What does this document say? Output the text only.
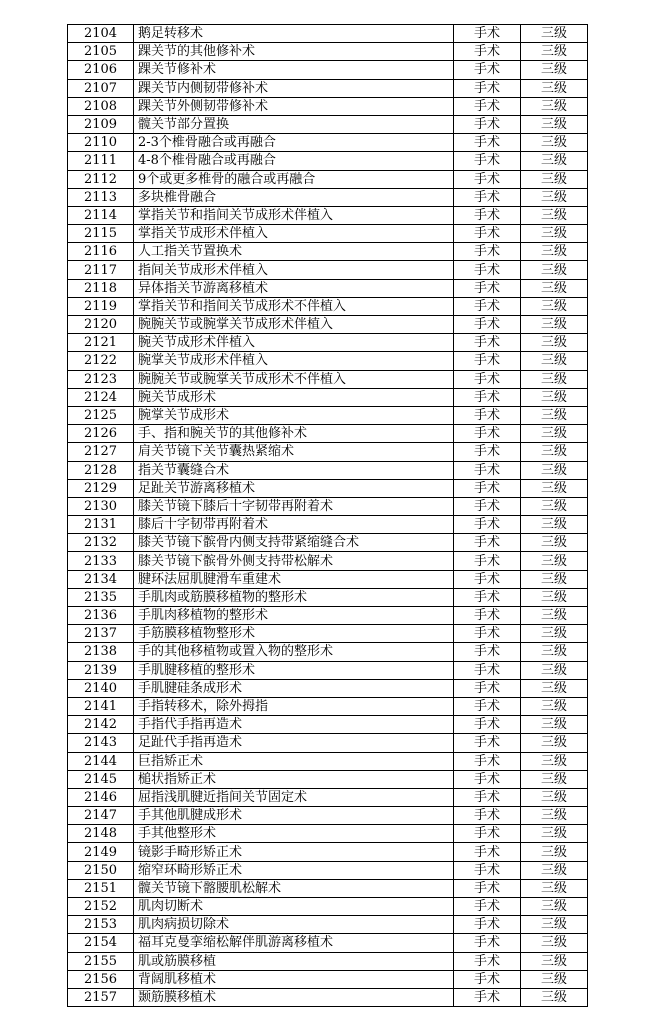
2104	鹅足转移术	手术	三级
2105	踝关节的其他修补术	手术	三级
2106	踝关节修补术	手术	三级
2107	踝关节内侧韧带修补术	手术	三级
2108	踝关节外侧韧带修补术	手术	三级
2109	髋关节部分置换	手术	三级
2110	2-3个椎骨融合或再融合	手术	三级
2111	4-8个椎骨融合或再融合	手术	三级
2112	9个或更多椎骨的融合或再融合	手术	三级
2113	多块椎骨融合	手术	三级
2114	掌指关节和指间关节成形术伴植入	手术	三级
2115	掌指关节成形术伴植入	手术	三级
2116	人工指关节置换术	手术	三级
2117	指间关节成形术伴植入	手术	三级
2118	异体指关节游离移植术	手术	三级
2119	掌指关节和指间关节成形术不伴植入	手术	三级
2120	腕腕关节或腕掌关节成形术伴植入	手术	三级
2121	腕关节成形术伴植入	手术	三级
2122	腕掌关节成形术伴植入	手术	三级
2123	腕腕关节或腕掌关节成形术不伴植入	手术	三级
2124	腕关节成形术	手术	三级
2125	腕掌关节成形术	手术	三级
2126	手、指和腕关节的其他修补术	手术	三级
2127	肩关节镜下关节囊热紧缩术	手术	三级
2128	指关节囊缝合术	手术	三级
2129	足趾关节游离移植术	手术	三级
2130	膝关节镜下膝后十字韧带再附着术	手术	三级
2131	膝后十字韧带再附着术	手术	三级
2132	膝关节镜下髌骨内侧支持带紧缩缝合术	手术	三级
2133	膝关节镜下髌骨外侧支持带松解术	手术	三级
2134	腱环法屈肌腱滑车重建术	手术	三级
2135	手肌肉或筋膜移植物的整形术	手术	三级
2136	手肌肉移植物的整形术	手术	三级
2137	手筋膜移植物整形术	手术	三级
2138	手的其他移植物或置入物的整形术	手术	三级
2139	手肌腱移植的整形术	手术	三级
2140	手肌腱硅条成形术	手术	三级
2141	手指转移术，除外拇指	手术	三级
2142	手指代手指再造术	手术	三级
2143	足趾代手指再造术	手术	三级
2144	巨指矫正术	手术	三级
2145	槌状指矫正术	手术	三级
2146	屈指浅肌腱近指间关节固定术	手术	三级
2147	手其他肌腱成形术	手术	三级
2148	手其他整形术	手术	三级
2149	镜影手畸形矫正术	手术	三级
2150	缩窄环畸形矫正术	手术	三级
2151	髋关节镜下髂腰肌松解术	手术	三级
2152	肌肉切断术	手术	三级
2153	肌肉病损切除术	手术	三级
2154	福耳克曼挛缩松解伴肌游离移植术	手术	三级
2155	肌或筋膜移植	手术	三级
2156	背阔肌移植术	手术	三级
2157	颞筋膜移植术	手术	三级
